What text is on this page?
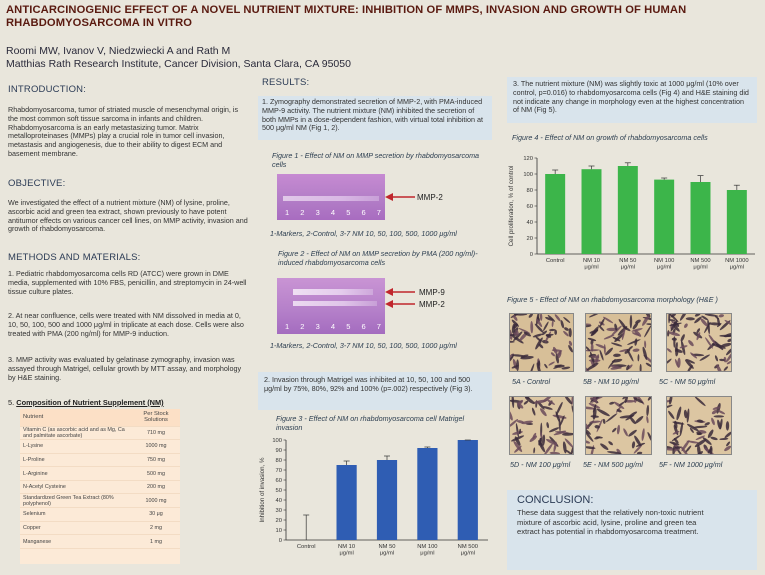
ANTICARCINOGENIC EFFECT OF A NOVEL NUTRIENT MIXTURE: INHIBITION OF MMPS, INVASION AND GROWTH OF HUMAN RHABDOMYOSARCOMA IN VITRO
Roomi MW, Ivanov V, Niedzwiecki A and Rath M
Matthias Rath Research Institute, Cancer Division, Santa Clara, CA 95050
INTRODUCTION:
Rhabdomyosarcoma, tumor of striated muscle of mesenchymal origin, is the most common soft tissue sarcoma in infants and children. Rhabdomyosarcoma is an early metastasizing tumor. Matrix metalloproteinases (MMPs) play a crucial role in tumor cell invasion, metastasis and angiogenesis, due to their ability to digest ECM and basement membrane.
OBJECTIVE:
We investigated the effect of a nutrient mixture (NM) of lysine, proline, ascorbic acid and green tea extract, shown previously to have potent antitumor effects on various cancer cell lines, on MMP activity, invasion and growth of rhabdomyosarcoma.
METHODS AND MATERIALS:
1. Pediatric rhabdomyosarcoma cells RD (ATCC) were grown in DME media, supplemented with 10% FBS, penicillin, and streptomycin in 24-well tissue culture plates.
2. At near confluence, cells were treated with NM dissolved in media at 0, 10, 50, 100, 500 and 1000 μg/ml in triplicate at each dose. Cells were also treated with PMA (200 ng/ml) for MMP-9 induction.
3. MMP activity was evaluated by gelatinase zymography, invasion was assayed through Matrigel, cellular growth by MTT assay, and morphology by H&E staining.
5. Composition of Nutrient Supplement (NM)
Nutrient	Per Stock Solutions
Vitamin C (as ascorbic acid and as Mg, Ca and palmitate ascorbate)	710 mg
L-Lysine	1000 mg
L-Proline	750 mg
L-Arginine	500 mg
N-Acetyl Cysteine	200 mg
Standardized Green Tea Extract (80% polyphenol)	1000 mg
Selenium	30 μg
Copper	2 mg
Manganese	1 mg
RESULTS:
1. Zymography demonstrated secretion of MMP-2, with PMA-induced MMP-9 activity. The nutrient mixture (NM) inhibited the secretion of both MMPs in a dose-dependent fashion, with virtual total inhibition at 500 μg/ml NM (Fig 1, 2).
Figure 1 - Effect of NM on MMP secretion by rhabdomyosarcoma cells
1 2 3 4 5 6 7
MMP-2
1-Markers, 2-Control, 3-7 NM 10, 50, 100, 500, 1000 μg/ml
Figure 2 - Effect of NM on MMP secretion by PMA (200 ng/ml)-induced rhabdomyosarcoma cells
1 2 3 4 5 6 7
MMP-9
MMP-2
1-Markers, 2-Control, 3-7 NM 10, 50, 100, 500, 1000 μg/ml
2. Invasion through Matrigel was inhibited at 10, 50, 100 and 500 μg/ml by 75%, 80%, 92% and 100% (p=.002) respectively (Fig 3).
Figure 3 - Effect of NM on rhabdomyosarcoma cell Matrigel invasion
Inhibition of invasion, %
0
10
20
30
40
50
60
70
80
90
100
Control	NM 10 μg/ml
NM 50 μg/ml
NM 100 μg/ml
NM 500 μg/ml
3. The nutrient mixture (NM) was slightly toxic at 1000 μg/ml (10% over control, p=0.016) to rhabdomyosarcoma cells (Fig 4) and H&E staining did not indicate any change in morphology even at the highest concentration of NM (Fig 5).
Figure 4 - Effect of NM on growth of rhabdomyosarcoma cells
Cell proliferation, % of control
0
20
40
60
80
100
120
Control	NM 10 μg/ml
NM 50 μg/ml
NM 100 μg/ml
NM 500 μg/ml
NM 1000 μg/ml
Figure 5 - Effect of NM on rhabdomyosarcoma morphology (H&E )
5A - Control	5B - NM 10 μg/ml	5C - NM 50 μg/ml
5D - NM 100 μg/ml 5E - NM 500 μg/ml 5F - NM 1000 μg/ml
CONCLUSION:
These data suggest that the relatively non-toxic nutrient mixture of ascorbic acid, lysine, proline and green tea extract has potential in rhabdomyosarcoma treatment.
